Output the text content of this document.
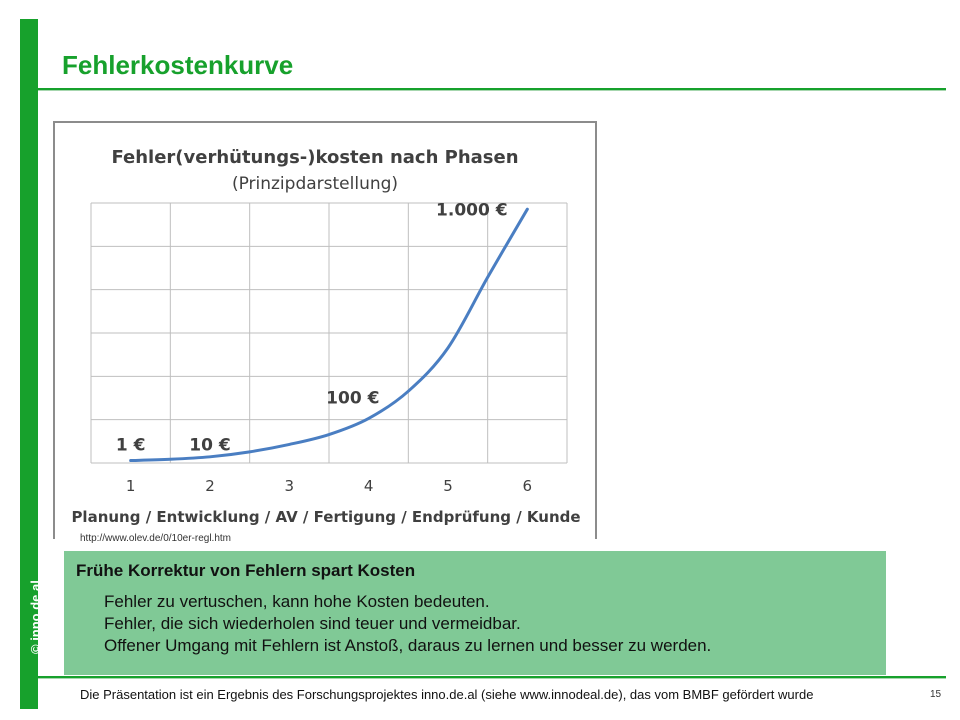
© inno.de.al
Fehlerkostenkurve
Fehler(verhütungs-)kosten nach Phasen
(Prinzipdarstellung)
1	2	3	4	5	6
1 €	10 €
100 €
1.000 €
Planung / Entwicklung / AV / Fertigung / Endprüfung / Kunde
http://www.olev.de/0/10er-regl.htm
Frühe Korrektur von Fehlern spart Kosten
Fehler zu vertuschen, kann hohe Kosten bedeuten.
Fehler, die sich wiederholen sind teuer und vermeidbar.
Offener Umgang mit Fehlern ist Anstoß, daraus zu lernen und besser zu werden.
Die Präsentation ist ein Ergebnis des Forschungsprojektes inno.de.al (siehe www.innodeal.de), das vom BMBF gefördert wurde	15
